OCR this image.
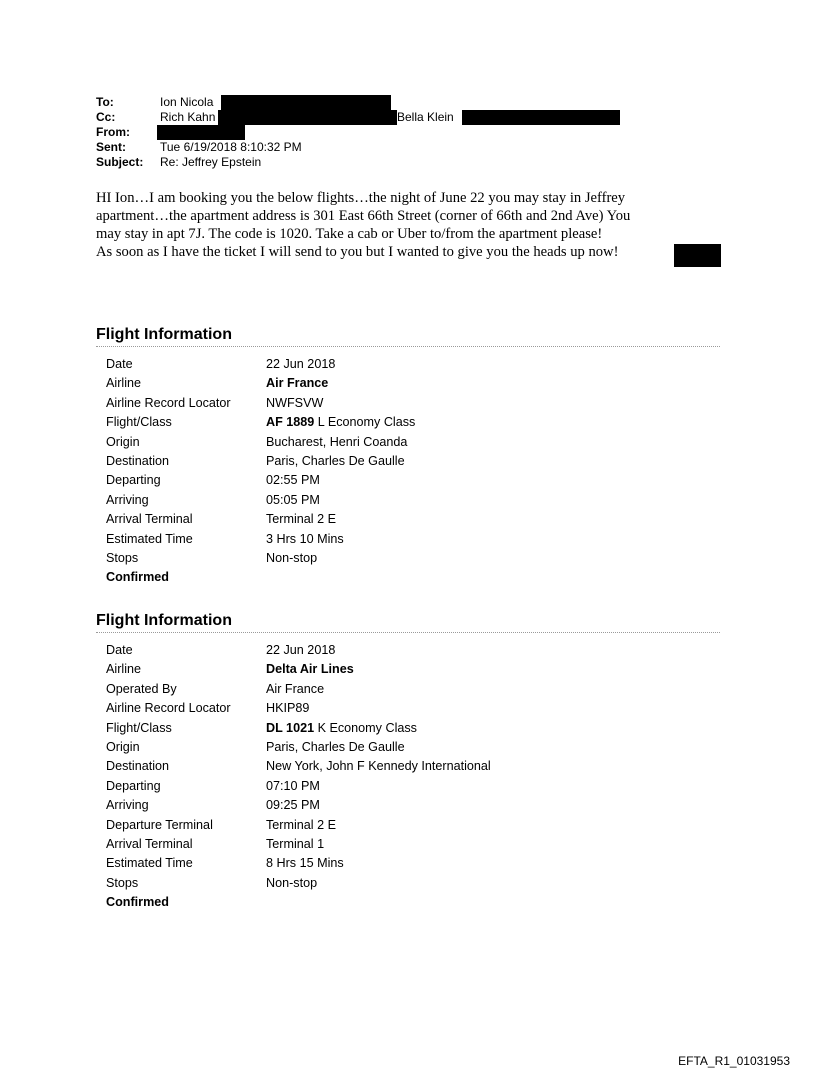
To:	Ion Nicola
Cc:	Rich Kahn	Bella Klein
From:
Sent:	Tue 6/19/2018 8:10:32 PM
Subject: Re: Jeffrey Epstein

HI Ion…I am booking you the below flights…the night of June 22 you may stay in Jeffrey

apartment…the apartment address is 301 East 66th Street (corner of 66th and 2nd Ave) You

may stay in apt 7J. The code is 1020. Take a cab or Uber to/from the apartment please!

As soon as I have the ticket I will send to you but I wanted to give you the heads up now!

Flight Information
Date	22 Jun 2018
Airline	Air France
Airline Record Locator	NWFSVW
Flight/Class	AF 1889 L Economy Class
Origin	Bucharest, Henri Coanda
Destination	Paris, Charles De Gaulle
Departing	02:55 PM
Arriving	05:05 PM
Arrival Terminal	Terminal 2 E
Estimated Time	3 Hrs 10 Mins
Stops	Non-stop
Confirmed
Flight Information
Date	22 Jun 2018
Airline	Delta Air Lines
Operated By	Air France
Airline Record Locator	HKIP89
Flight/Class	DL 1021 K Economy Class
Origin	Paris, Charles De Gaulle
Destination	New York, John F Kennedy International
Departing	07:10 PM
Arriving	09:25 PM
Departure Terminal	Terminal 2 E
Arrival Terminal	Terminal 1
Estimated Time	8 Hrs 15 Mins
Stops	Non-stop
Confirmed
EFTA_R1_01031953
